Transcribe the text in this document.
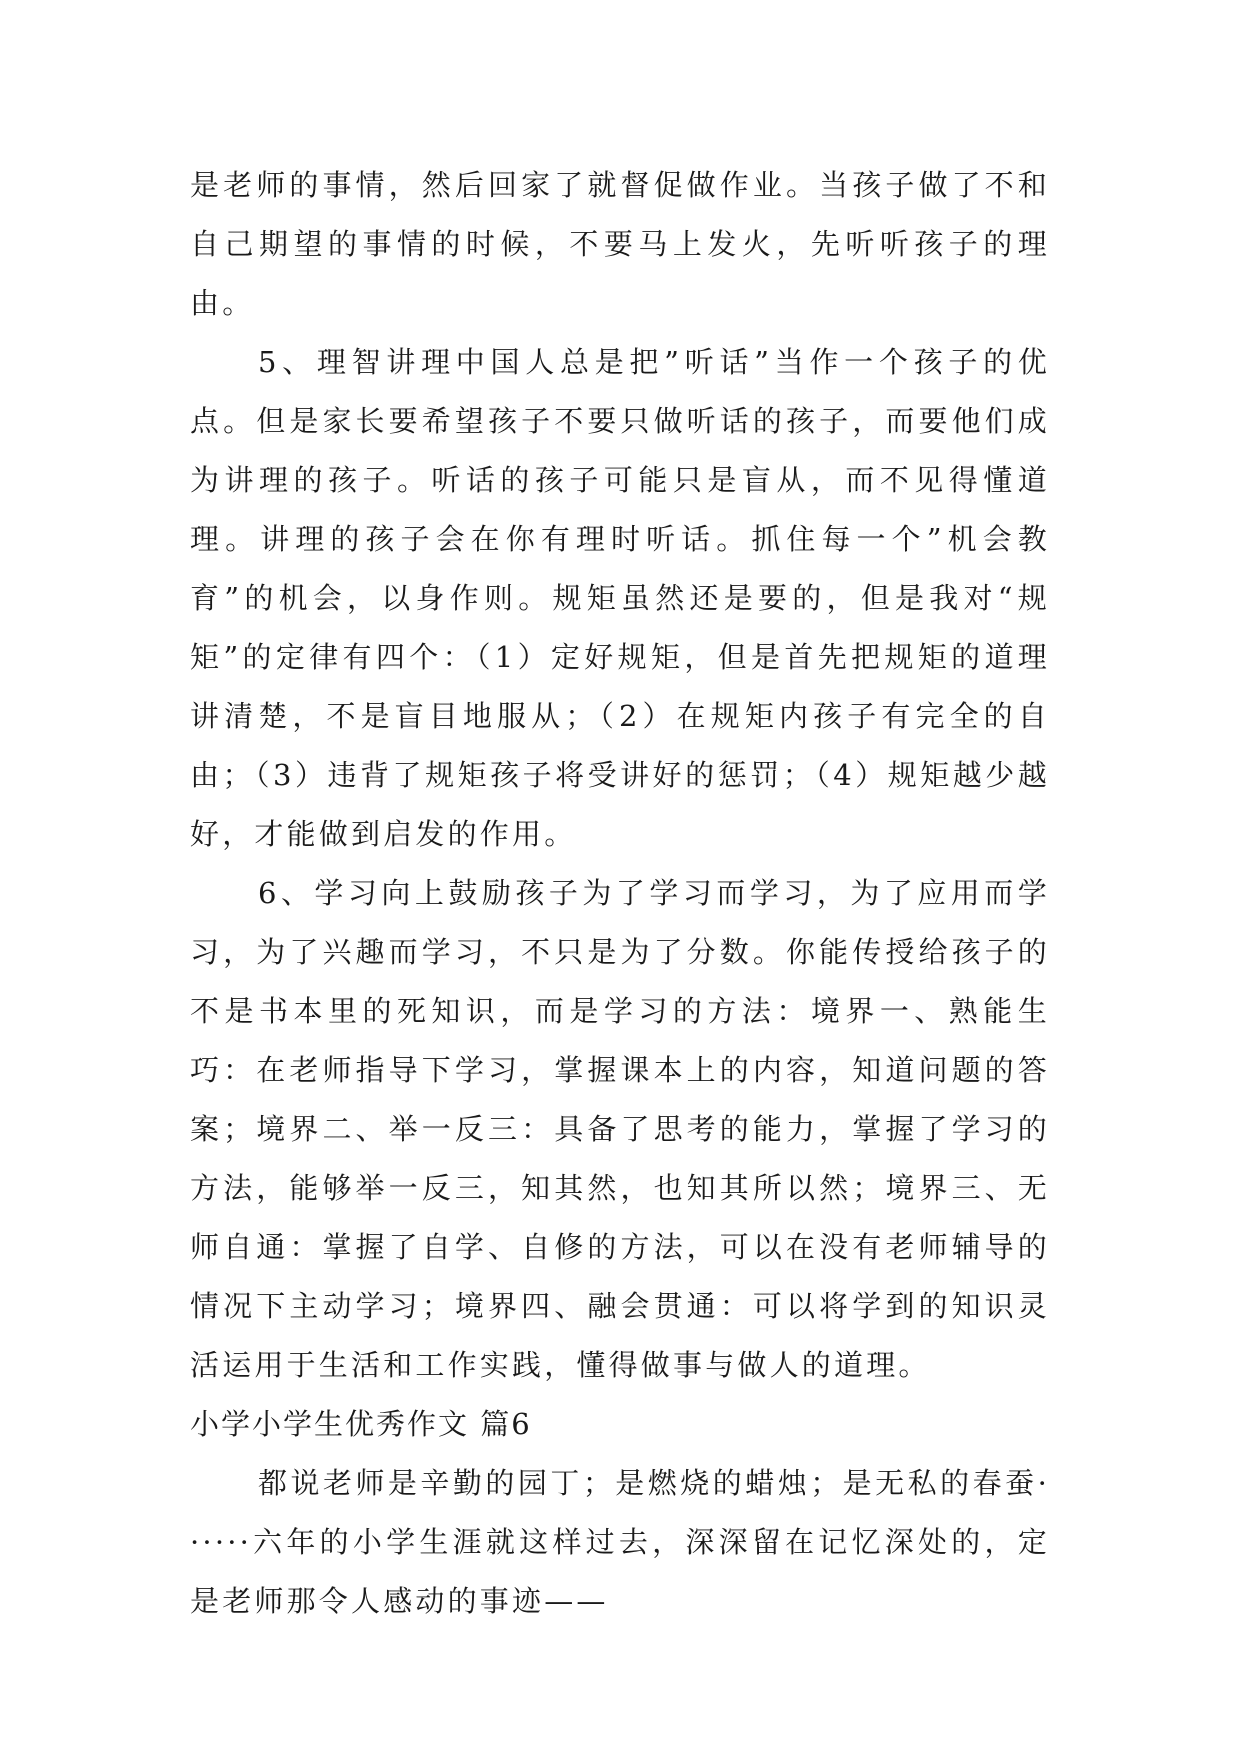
是老师的事情，然后回家了就督促做作业。当孩子做了不和自己期望的事情的时候，不要马上发火，先听听孩子的理由。

5、理智讲理中国人总是把”听话”当作一个孩子的优点。但是家长要希望孩子不要只做听话的孩子，而要他们成为讲理的孩子。听话的孩子可能只是盲从，而不见得懂道理。讲理的孩子会在你有理时听话。抓住每一个”机会教育”的机会，以身作则。规矩虽然还是要的，但是我对“规矩”的定律有四个：（1）定好规矩，但是首先把规矩的道理讲清楚，不是盲目地服从；（2）在规矩内孩子有完全的自由；（3）违背了规矩孩子将受讲好的惩罚；（4）规矩越少越好，才能做到启发的作用。

6、学习向上鼓励孩子为了学习而学习，为了应用而学习，为了兴趣而学习，不只是为了分数。你能传授给孩子的不是书本里的死知识，而是学习的方法：境界一、熟能生巧：在老师指导下学习，掌握课本上的内容，知道问题的答案；境界二、举一反三：具备了思考的能力，掌握了学习的方法，能够举一反三，知其然，也知其所以然；境界三、无师自通：掌握了自学、自修的方法，可以在没有老师辅导的情况下主动学习；境界四、融会贯通：可以将学到的知识灵活运用于生活和工作实践，懂得做事与做人的道理。

小学小学生优秀作文 篇6

都说老师是辛勤的园丁；是燃烧的蜡烛；是无私的春蚕······六年的小学生涯就这样过去，深深留在记忆深处的，定是老师那令人感动的事迹——
